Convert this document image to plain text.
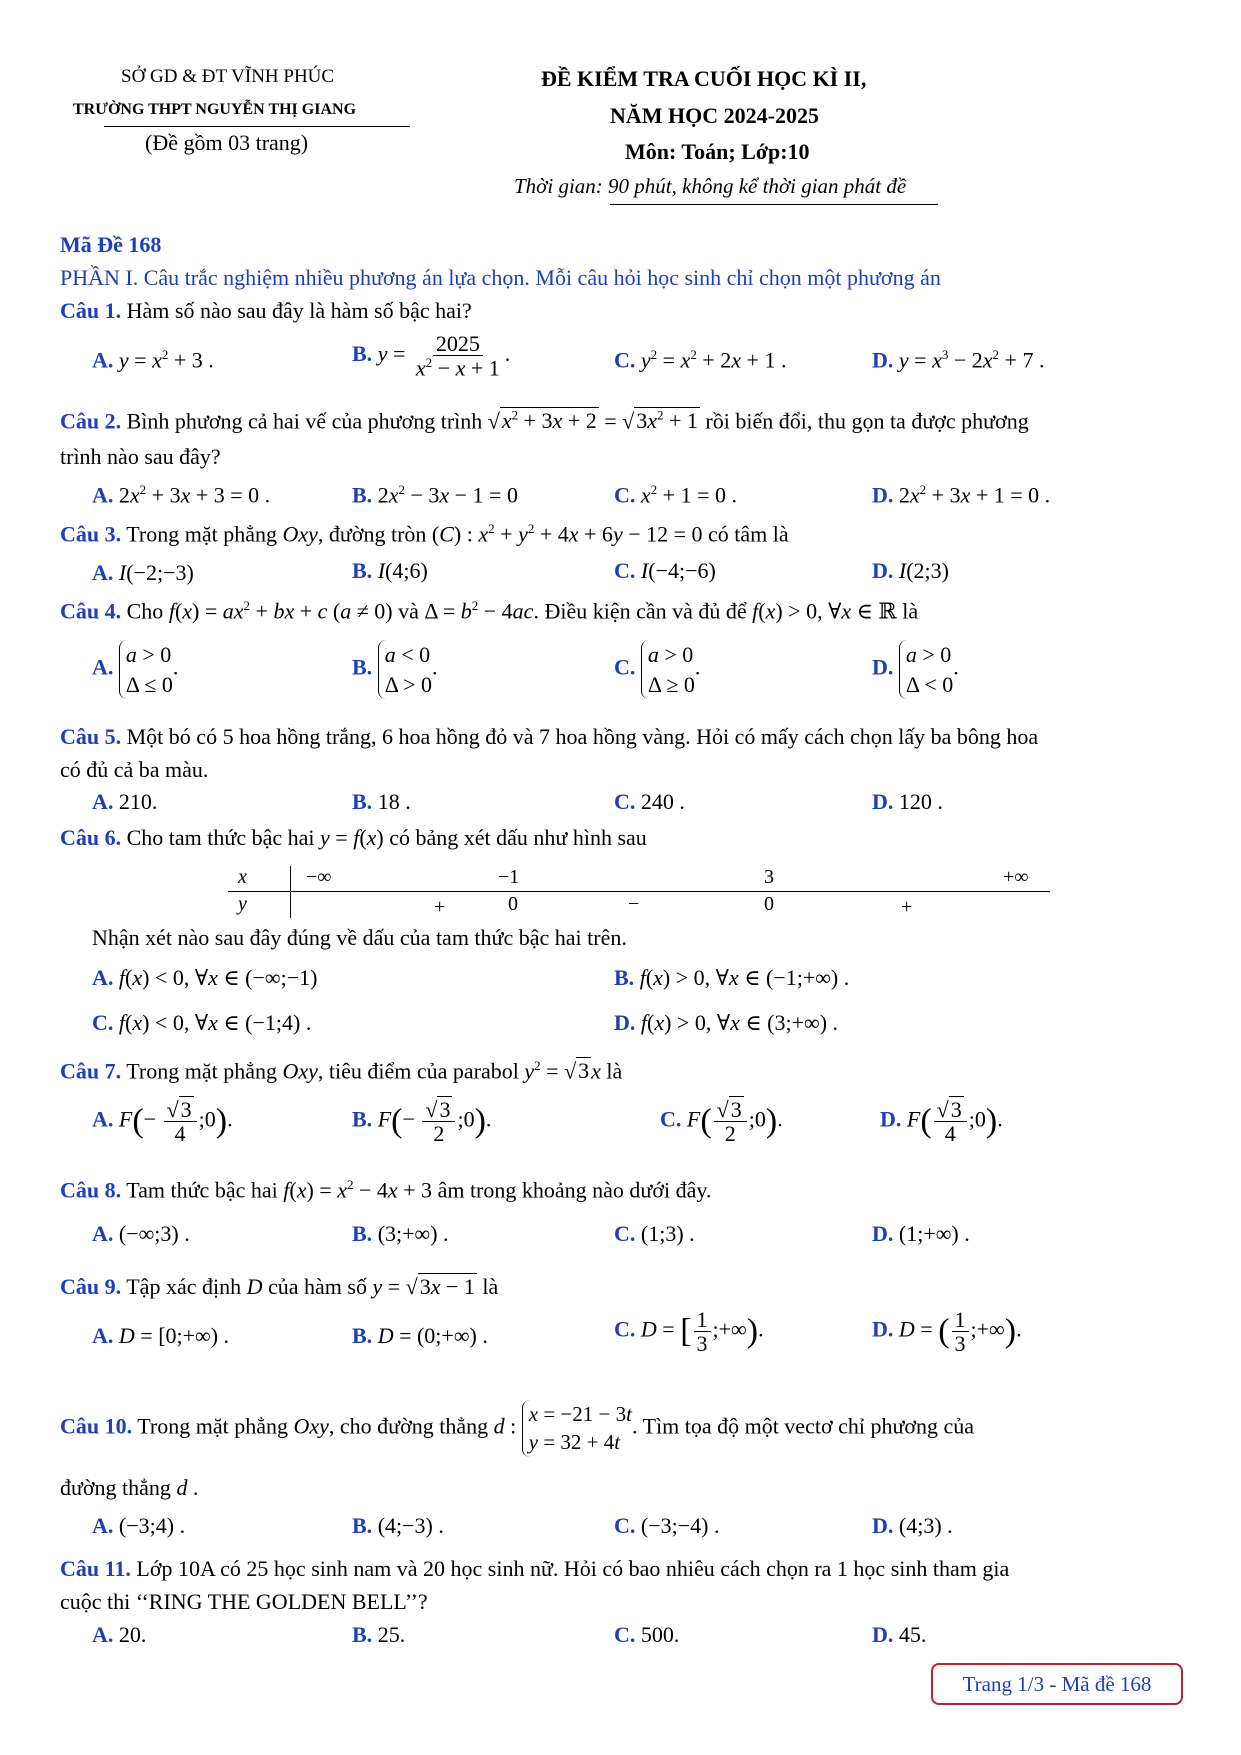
SỞ GD & ĐT VĨNH PHÚC
TRƯỜNG THPT NGUYỄN THỊ GIANG
(Đề gồm 03 trang)
ĐỀ KIỂM TRA CUỐI HỌC KÌ II,
NĂM HỌC 2024-2025
Môn: Toán; Lớp:10
Thời gian: 90 phút, không kể thời gian phát đề
Mã Đề 168
PHẦN I. Câu trắc nghiệm nhiều phương án lựa chọn. Mỗi câu hỏi học sinh chỉ chọn một phương án
Câu 1. Hàm số nào sau đây là hàm số bậc hai?
A. $y = x^2 + 3$ .	B. $y = \frac{2025}{x^2 - x + 1}$ .	C. $y^2 = x^2 + 2x + 1$ .	D. $y = x^3 - 2x^2 + 7$ .
Câu 2. Bình phương cả hai vế của phương trình $√x^2 + 3x + 2 = √3x^2 + 1$ rồi biến đổi, thu gọn ta được phương
trình nào sau đây?
A. $2x^2 + 3x + 3 = 0$ .	B. $2x^2 - 3x - 1 = 0$	C. $x^2 + 1 = 0$ .	D. $2x^2 + 3x + 1 = 0$ .
Câu 3. Trong mặt phẳng Oxy, đường tròn (C) : $x^2 + y^2 + 4x + 6y - 12 = 0$ có tâm là
A. I(−2;−3)	B. I(4;6)	C. I(−4;−6)	D. I(2;3)
Câu 4. Cho $f(x) = ax^2$ + bx + c (a ≠ 0) và $\Delta = b^2 - 4ac$. Điều kiện cần và đủ để f(x) > 0, ∀x ∈ ℝ là
A.
a > 0
Δ ≤ 0
.	B.
a < 0
Δ > 0
.	C.
a > 0
Δ ≥ 0
.	D.
a > 0
Δ < 0
.
Câu 5. Một bó có 5 hoa hồng trắng, 6 hoa hồng đỏ và 7 hoa hồng vàng. Hỏi có mấy cách chọn lấy ba bông hoa
có đủ cả ba màu.
A. 210.	B. 18 .	C. 240 .	D. 120 .
Câu 6. Cho tam thức bậc hai y = f(x) có bảng xét dấu như hình sau
x	−∞	−1	3	+∞
y	+	0	−	0	+
Nhận xét nào sau đây đúng về dấu của tam thức bậc hai trên.
A. f(x) < 0, ∀x ∈ (−∞;−1)	B. f(x) > 0, ∀x ∈ (−1;+∞) .
C. f(x) < 0, ∀x ∈ (−1;4) .	D. f(x) > 0, ∀x ∈ (3;+∞) .
Câu 7. Trong mặt phẳng Oxy, tiêu điểm của parabol $y^2 = √3x$ là
A. $F(- \frac{√3}{4}$ ;0).	B. $F(- \frac{√3}{2}$ ;0).	C. $F( \frac{√3}{2}$ ;0).	D. $F( \frac{√3}{4}$ ;0).
Câu 8. Tam thức bậc hai $f(x) = x^2 - 4x + 3$ âm trong khoảng nào dưới đây.
A. (−∞;3) .	B. (3;+∞) .	C. (1;3) .	D. (1;+∞) .
Câu 9. Tập xác định D của hàm số y = √3x − 1 là
A. D = [0;+∞) .	B. D = (0;+∞) .	C. D = [ $\frac{1}{3}$ ;+∞).	D. D = ( $\frac{1}{3}$ ;+∞).
Câu 10. Trong mặt phẳng Oxy, cho đường thẳng d : x = −21 − 3t
y = 32 + 4t
. Tìm tọa độ một vectơ chỉ phương của
đường thẳng d .
A. (−3;4) .	B. (4;−3) .	C. (−3;−4) .	D. (4;3) .
Câu 11. Lớp 10A có 25 học sinh nam và 20 học sinh nữ. Hỏi có bao nhiêu cách chọn ra 1 học sinh tham gia
cuộc thi ‘‘RING THE GOLDEN BELL’’?
A. 20.	B. 25.	C. 500.	D. 45.
Trang 1/3 - Mã đề 168
